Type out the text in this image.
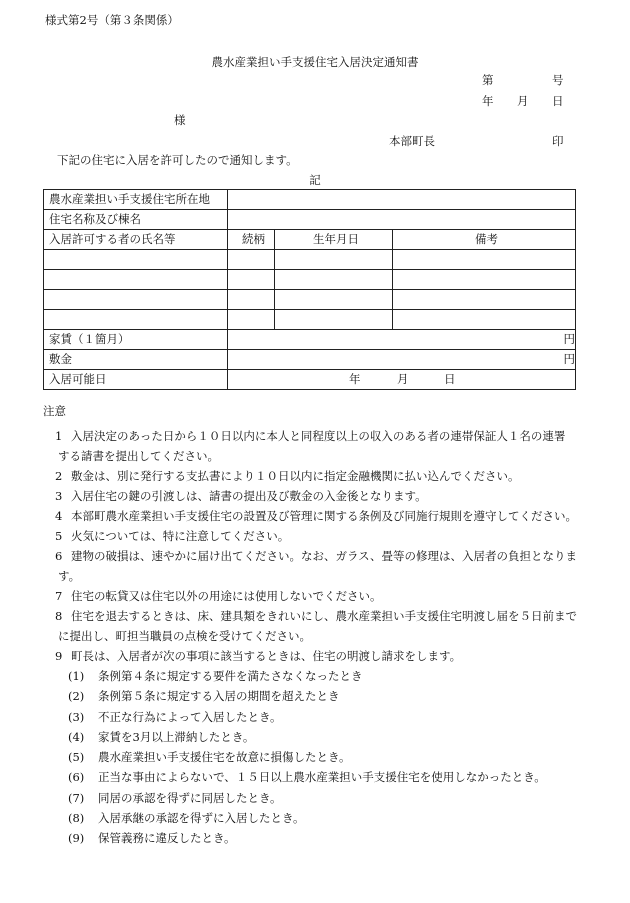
様式第2号（第３条関係）
農水産業担い手支援住宅入居決定通知書
第	号
年 月 日
様
本部町長	印
下記の住宅に入居を許可したので通知します。
記
農水産業担い手支援住宅所在地			
住宅名称及び棟名			
入居許可する者の氏名等	続柄	生年月日	備考

家賃（１箇月）	円		
敷金	円		
入居可能日	年 月 日		
注意
1 入居決定のあった日から１０日以内に本人と同程度以上の収入のある者の連帯保証人１名の連署
する請書を提出してください。
2 敷金は、別に発行する支払書により１０日以内に指定金融機関に払い込んでください。
3 入居住宅の鍵の引渡しは、請書の提出及び敷金の入金後となります。
4 本部町農水産業担い手支援住宅の設置及び管理に関する条例及び同施行規則を遵守してください。
5 火気については、特に注意してください。
6 建物の破損は、速やかに届け出てください。なお、ガラス、畳等の修理は、入居者の負担となりま
す。
7 住宅の転貸又は住宅以外の用途には使用しないでください。
8 住宅を退去するときは、床、建具類をきれいにし、農水産業担い手支援住宅明渡し届を５日前まで
に提出し、町担当職員の点検を受けてください。
9 町長は、入居者が次の事項に該当するときは、住宅の明渡し請求をします。
(1) 条例第４条に規定する要件を満たさなくなったとき
(2) 条例第５条に規定する入居の期間を超えたとき
(3) 不正な行為によって入居したとき。
(4) 家賃を3月以上滞納したとき。
(5) 農水産業担い手支援住宅を故意に損傷したとき。
(6) 正当な事由によらないで、１５日以上農水産業担い手支援住宅を使用しなかったとき。
(7) 同居の承認を得ずに同居したとき。
(8) 入居承継の承認を得ずに入居したとき。
(9) 保管義務に違反したとき。
